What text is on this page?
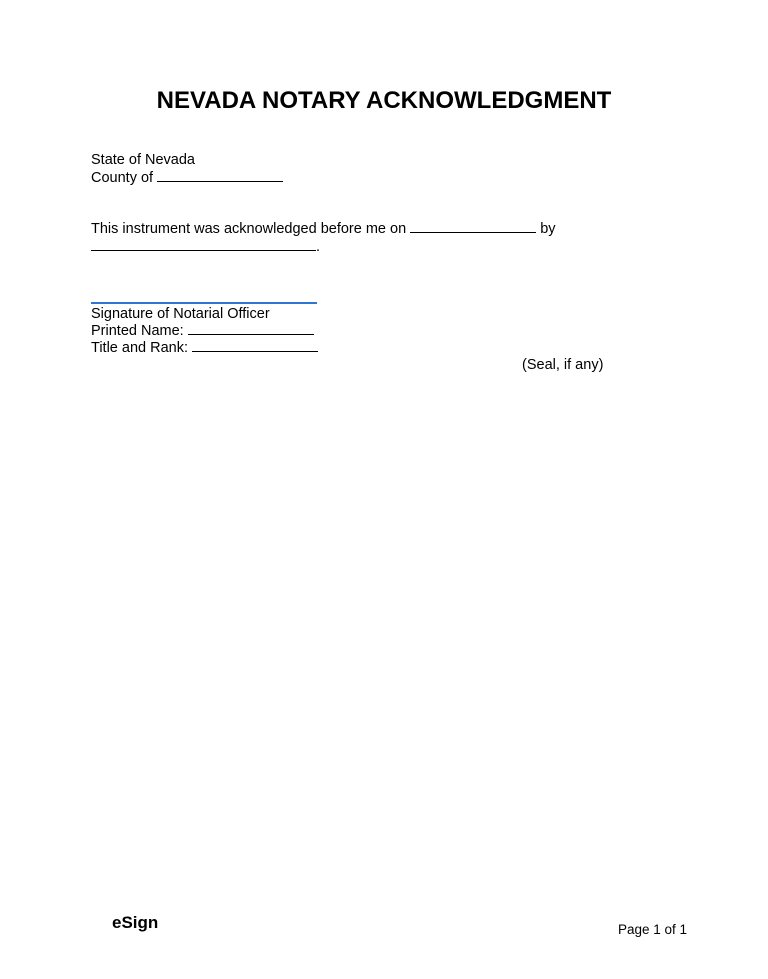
NEVADA NOTARY ACKNOWLEDGMENT
State of Nevada
County of
This instrument was acknowledged before me on	by
.
Signature of Notarial Officer
Printed Name:
Title and Rank:
(Seal, if any)
eSign	Page 1 of 1
